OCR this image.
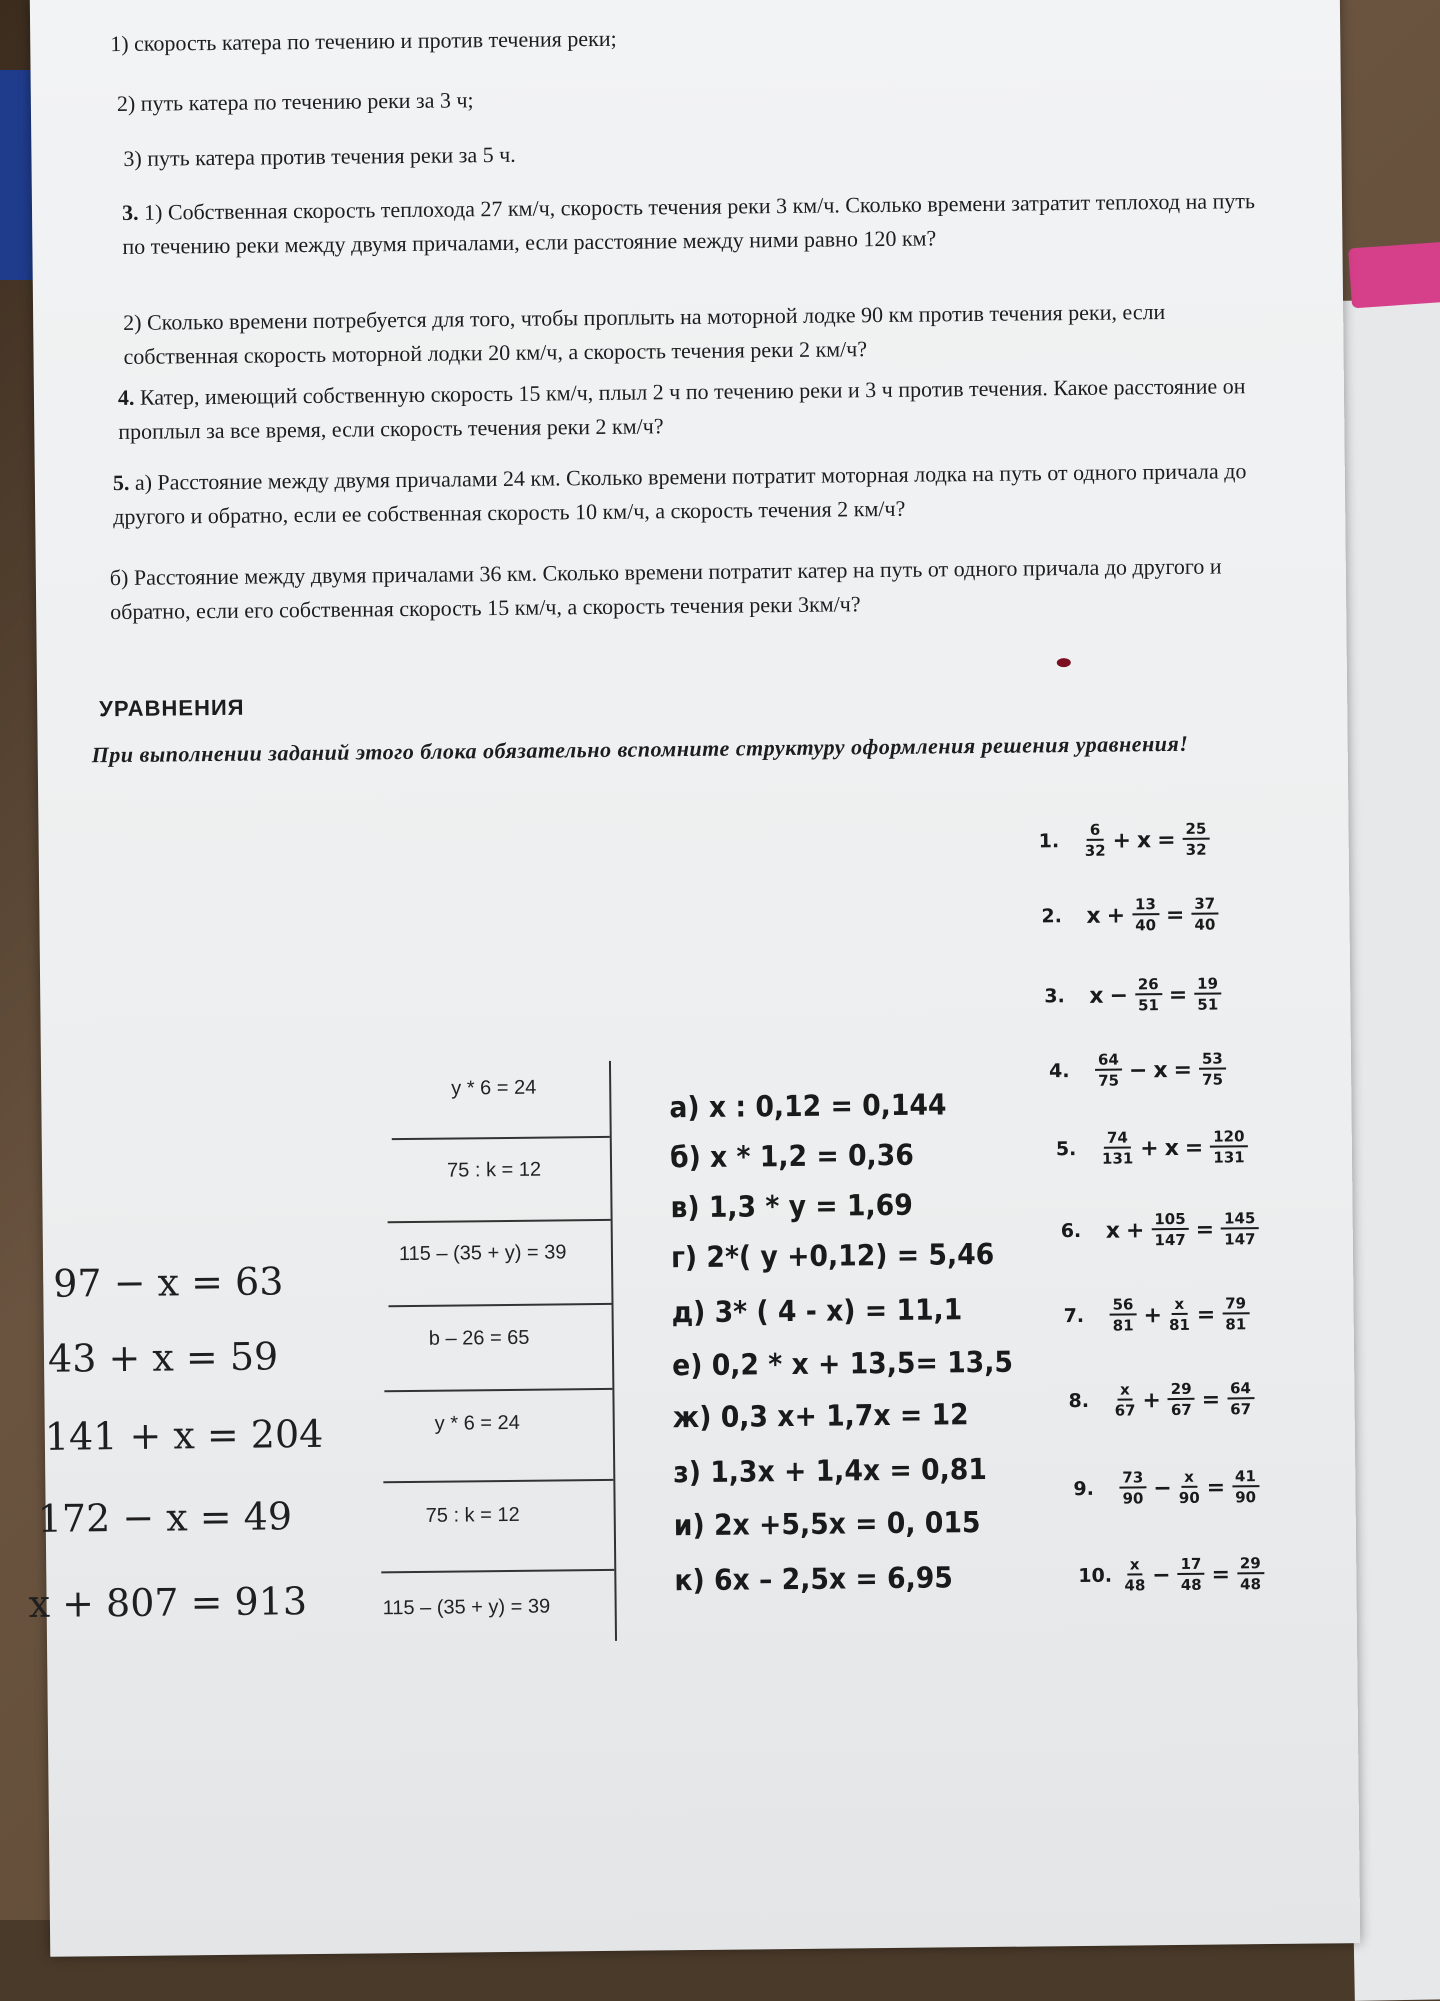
1) скорость катера по течению и против течения реки;
2) путь катера по течению реки за 3 ч;
3) путь катера против течения реки за 5 ч.
3. 1) Собственная скорость теплохода 27 км/ч, скорость течения реки 3 км/ч. Сколько времени затратит теплоход на путь по течению реки между двумя причалами, если расстояние между ними равно 120 км?
2) Сколько времени потребуется для того, чтобы проплыть на моторной лодке 90 км против течения реки, если собственная скорость моторной лодки 20 км/ч, а скорость течения реки 2 км/ч?
4. Катер, имеющий собственную скорость 15 км/ч, плыл 2 ч по течению реки и 3 ч против течения. Какое расстояние он проплыл за все время, если скорость течения реки 2 км/ч?
5. а) Расстояние между двумя причалами 24 км. Сколько времени потратит моторная лодка на путь от одного причала до другого и обратно, если ее собственная скорость 10 км/ч, а скорость течения 2 км/ч?
б) Расстояние между двумя причалами 36 км. Сколько времени потратит катер на путь от одного причала до другого и обратно, если его собственная скорость 15 км/ч, а скорость течения реки 3км/ч?
УРАВНЕНИЯ
При выполнении заданий этого блока обязательно вспомните структуру оформления решения уравнения!
97 − x = 63
43 + x = 59
141 + x = 204
172 − x = 49
x + 807 = 913
y * 6 = 24
75 : k = 12
115 – (35 + y) = 39
b – 26 = 65
y * 6 = 24
75 : k = 12
115 – (35 + y) = 39
а) x : 0,12 = 0,144
б) x * 1,2 = 0,36
в) 1,3 * y = 1,69
г) 2*( y +0,12) = 5,46
д) 3* ( 4 - x) = 11,1
е) 0,2 * x + 13,5= 13,5
ж) 0,3 x+ 1,7x = 12
з) 1,3x + 1,4x = 0,81
и) 2x +5,5x = 0, 015
к) 6x – 2,5x = 6,95
1.	$\frac{6}{32} + x = \frac{25}{32}$
2.	$x + \frac{13}{40} = \frac{37}{40}$
3.	$x - \frac{26}{51} = \frac{19}{51}$
4.	$\frac{64}{75} - x = \frac{53}{75}$
5.	$\frac{74}{131} + x = \frac{120}{131}$
6.	$x + \frac{105}{147} = \frac{145}{147}$
7.	$\frac{56}{81} + \frac{x}{81} = \frac{79}{81}$
8.	$\frac{x}{67} + \frac{29}{67} = \frac{64}{67}$
9.	$\frac{73}{90} - \frac{x}{90} = \frac{41}{90}$
10. $\frac{x}{48} - \frac{17}{48} = \frac{29}{48}$
